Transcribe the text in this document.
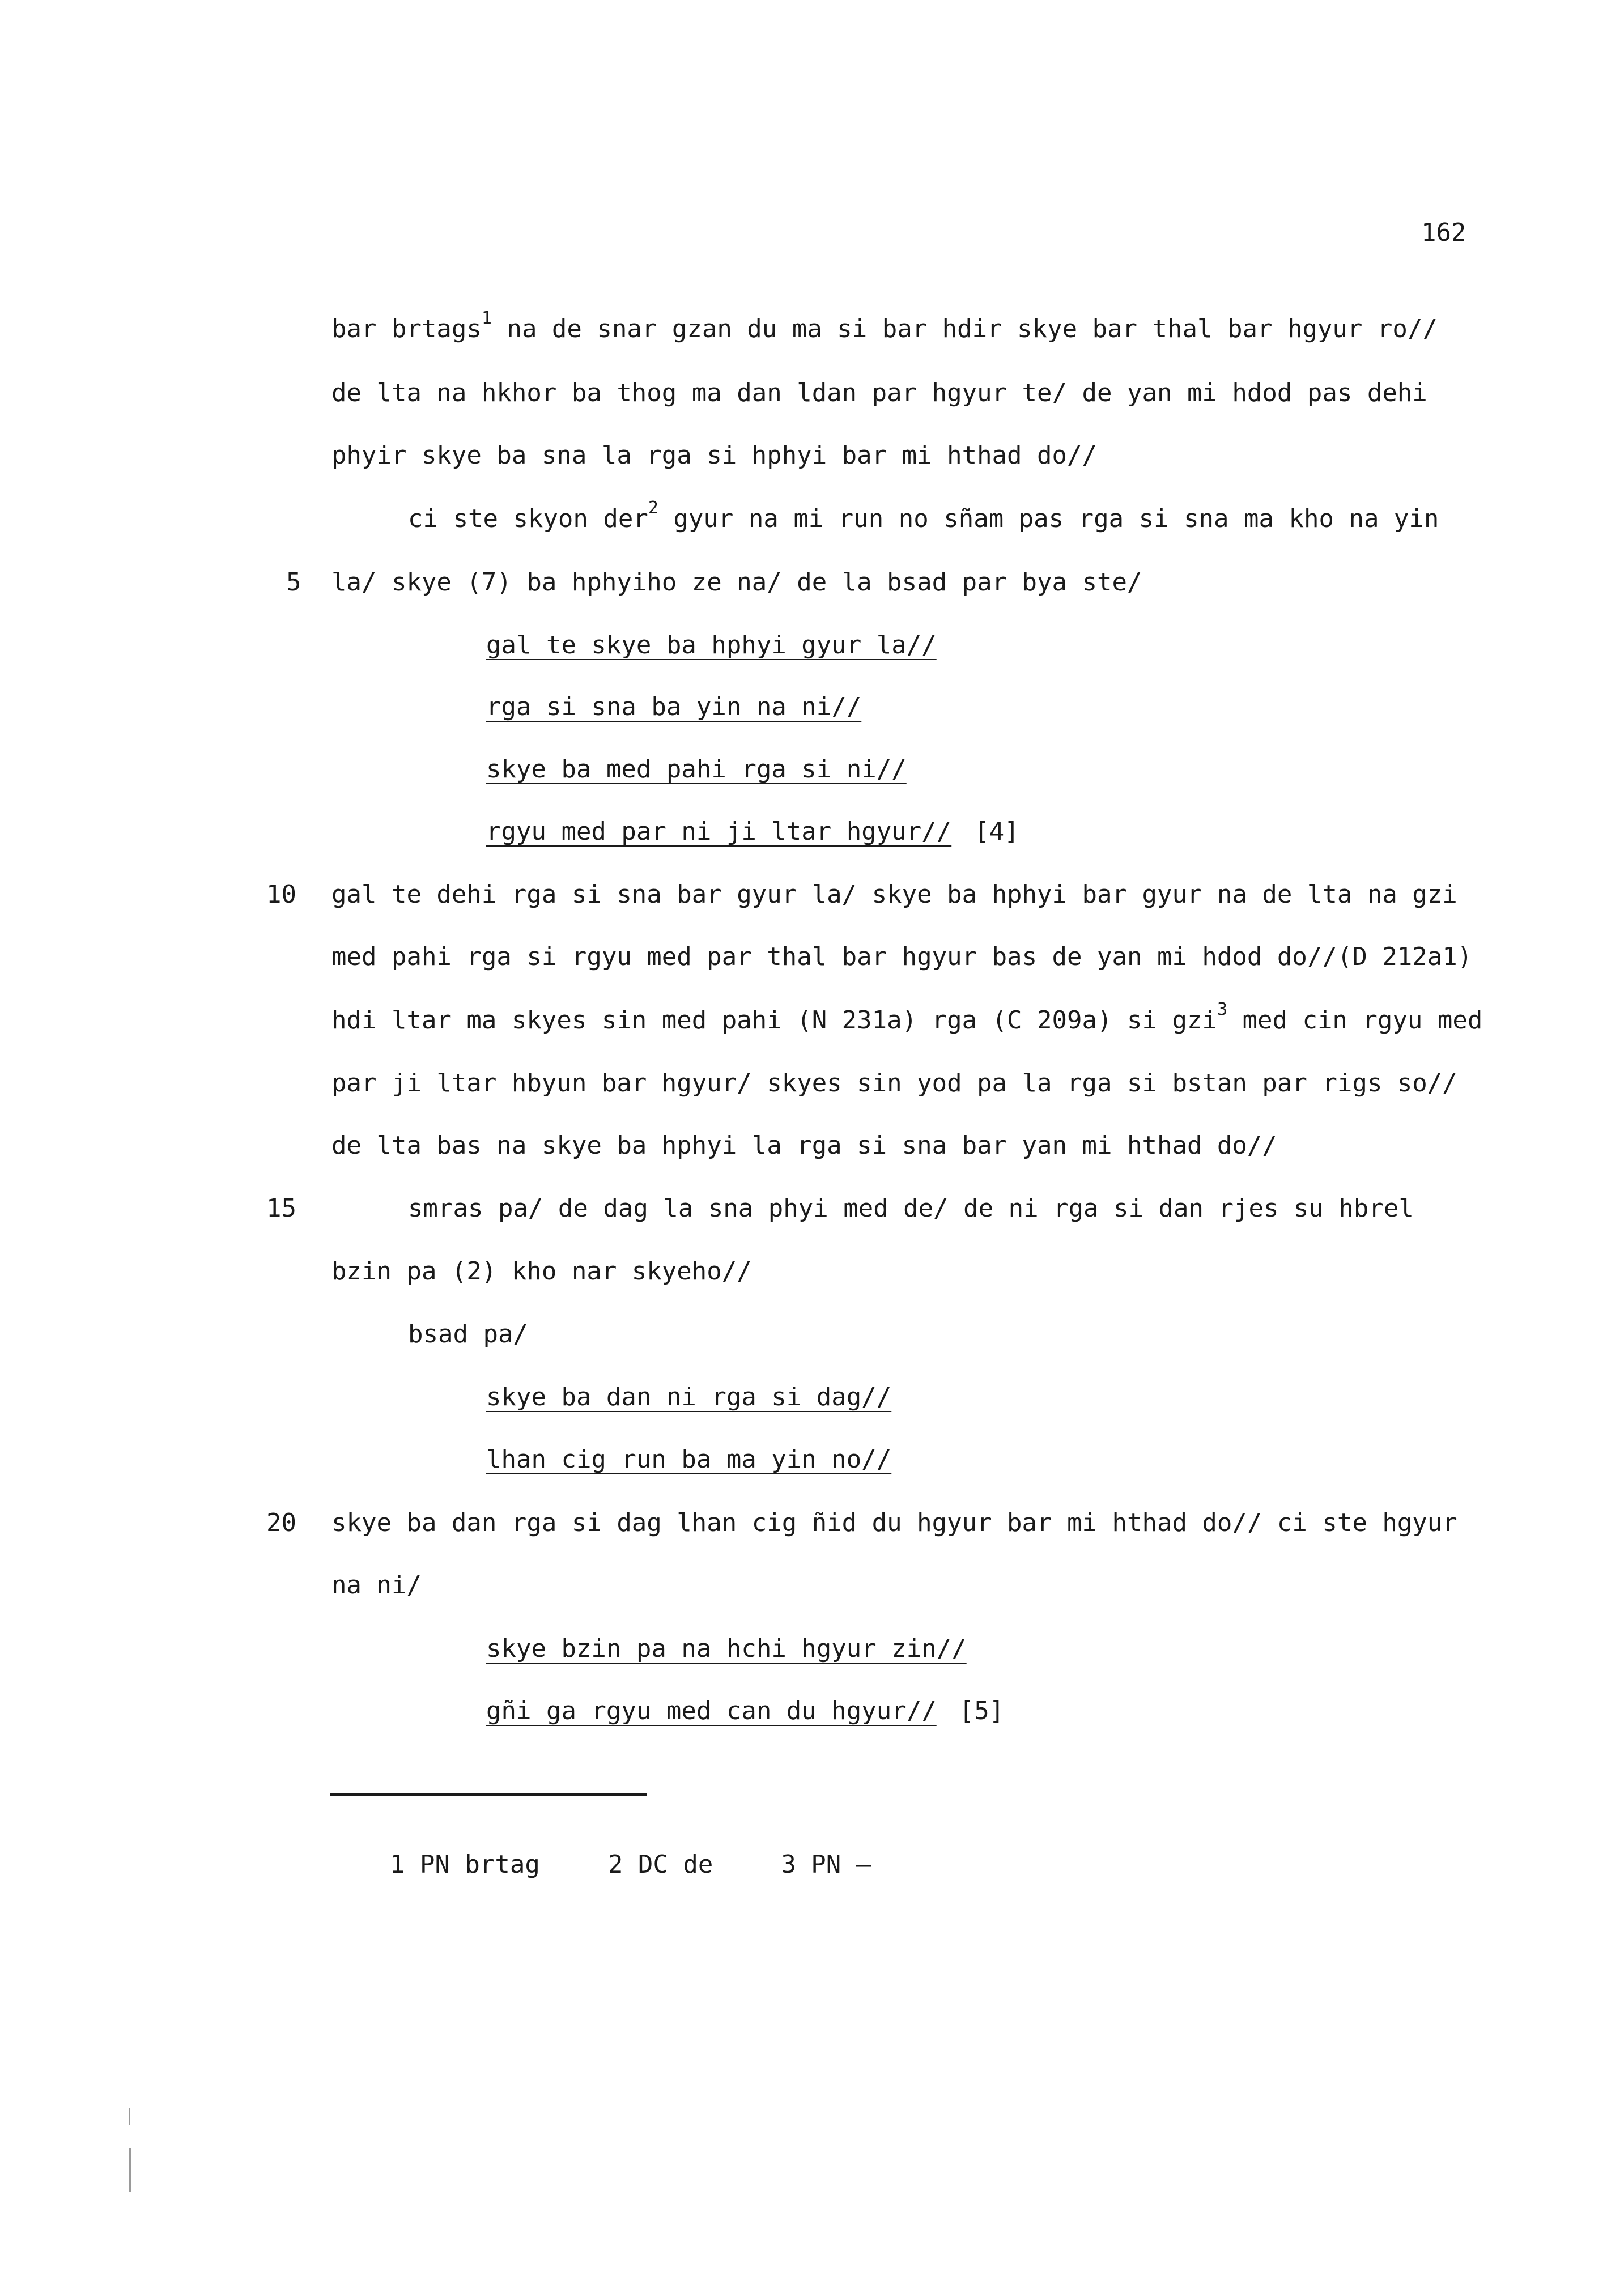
162
bar brtags$^1$ na de snar gzan du ma si bar hdir skye bar thal bar hgyur ro//
de lta na hkhor ba thog ma dan ldan par hgyur te/ de yan mi hdod pas dehi
phyir skye ba sna la rga si hphyi bar mi hthad do//
ci ste skyon der$^2$ gyur na mi run no sñam pas rga si sna ma kho na yin
5 la/ skye (7) ba hphyiho ze na/ de la bsad par bya ste/
gal te skye ba hphyi gyur la//
rga si sna ba yin na ni//
skye ba med pahi rga si ni//
rgyu med par ni ji ltar hgyur// [4]
10 gal te dehi rga si sna bar gyur la/ skye ba hphyi bar gyur na de lta na gzi
med pahi rga si rgyu med par thal bar hgyur bas de yan mi hdod do//(D 212a1)
hdi ltar ma skyes sin med pahi (N 231a) rga (C 209a) si gzi$^3$ med cin rgyu med
par ji ltar hbyun bar hgyur/ skyes sin yod pa la rga si bstan par rigs so//
de lta bas na skye ba hphyi la rga si sna bar yan mi hthad do//
15	smras pa/ de dag la sna phyi med de/ de ni rga si dan rjes su hbrel
bzin pa (2) kho nar skyeho//
bsad pa/
skye ba dan ni rga si dag//
lhan cig run ba ma yin no//
20 skye ba dan rga si dag lhan cig ñid du hgyur bar mi hthad do// ci ste hgyur
na ni/
skye bzin pa na hchi hgyur zin//
gñi ga rgyu med can du hgyur// [5]

1 PN brtag	2 DC de	3 PN —
